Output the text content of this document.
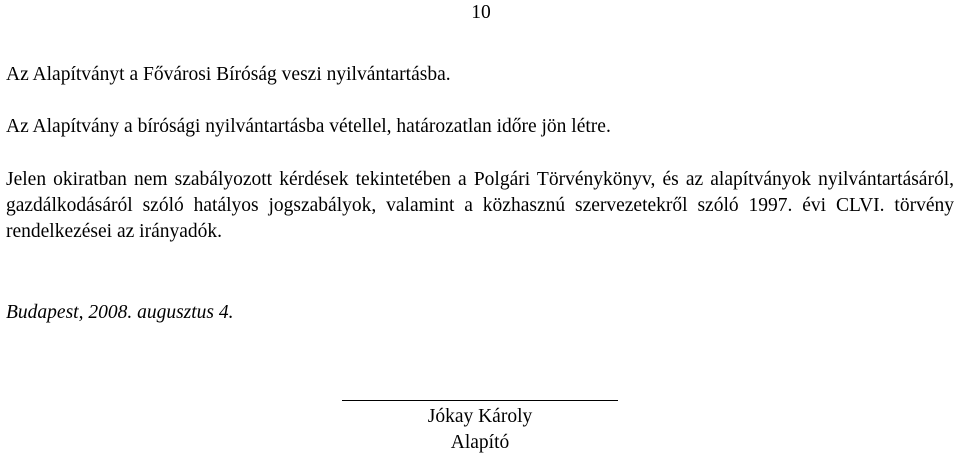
10

Az Alapítványt a Fővárosi Bíróság veszi nyilvántartásba.

Az Alapítvány a bírósági nyilvántartásba vétellel, határozatlan időre jön létre.

Jelen okiratban nem szabályozott kérdések tekintetében a Polgári Törvénykönyv, és az alapítványok nyilvántartásáról, gazdálkodásáról szóló hatályos jogszabályok, valamint a közhasznú szervezetekről szóló 1997. évi CLVI. törvény rendelkezései az irányadók.

Budapest, 2008. augusztus 4.
Jókay Károly
Alapító
